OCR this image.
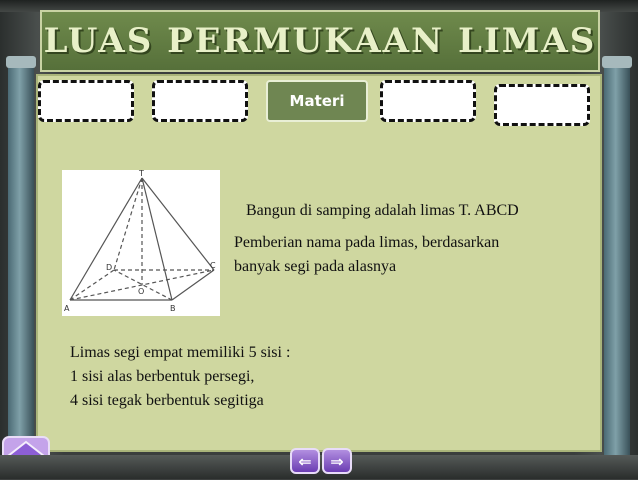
LUAS PERMUKAAN LIMAS
Materi
T
A	B
C
D
O
Bangun di samping adalah limas T. ABCD
Pemberian nama pada limas, berdasarkan
banyak segi pada alasnya
Limas segi empat memiliki 5 sisi :
1 sisi alas berbentuk persegi,
4 sisi tegak berbentuk segitiga
⇐ ⇒
